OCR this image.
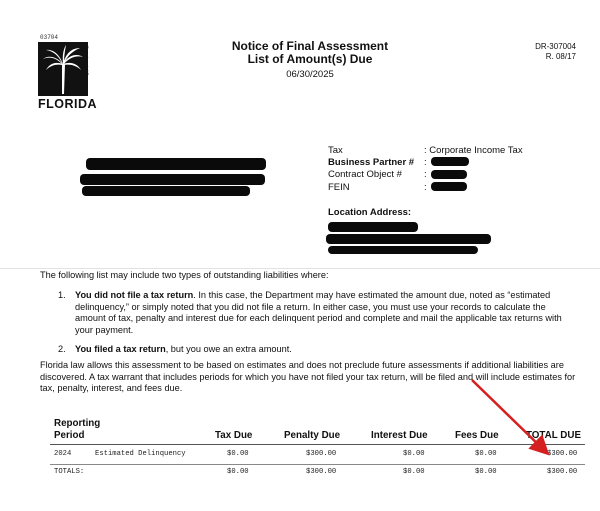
03704
FLORIDA
Department of Revenue	Notice of Final Assessment
List of Amount(s) Due
06/30/2025
DR-307004
R. 08/17
Tax	: Corporate Income Tax
Business Partner # :
Contract Object # :
FEIN	:
Location Address:
The following list may include two types of outstanding liabilities where:
1. You did not file a tax return. In this case, the Department may have estimated the amount due, noted as “estimated delinquency,” or simply noted that you did not file a return. In either case, you must use your records to calculate the amount of tax, penalty and interest due for each delinquent period and complete and mail the applicable tax returns with your payment.
2. You filed a tax return, but you owe an extra amount.
Florida law allows this assessment to be based on estimates and does not preclude future assessments if additional liabilities are discovered. A tax warrant that includes periods for which you have not filed your tax return, will be filed and will include estimates for tax, penalty, interest, and fees due.
Reporting
Period	Tax Due	Penalty Due	Interest Due	Fees Due	TOTAL DUE
2024	Estimated Delinquency	$0.00	$300.00	$0.00	$0.00	$300.00
TOTALS:	$0.00	$300.00	$0.00	$0.00	$300.00
